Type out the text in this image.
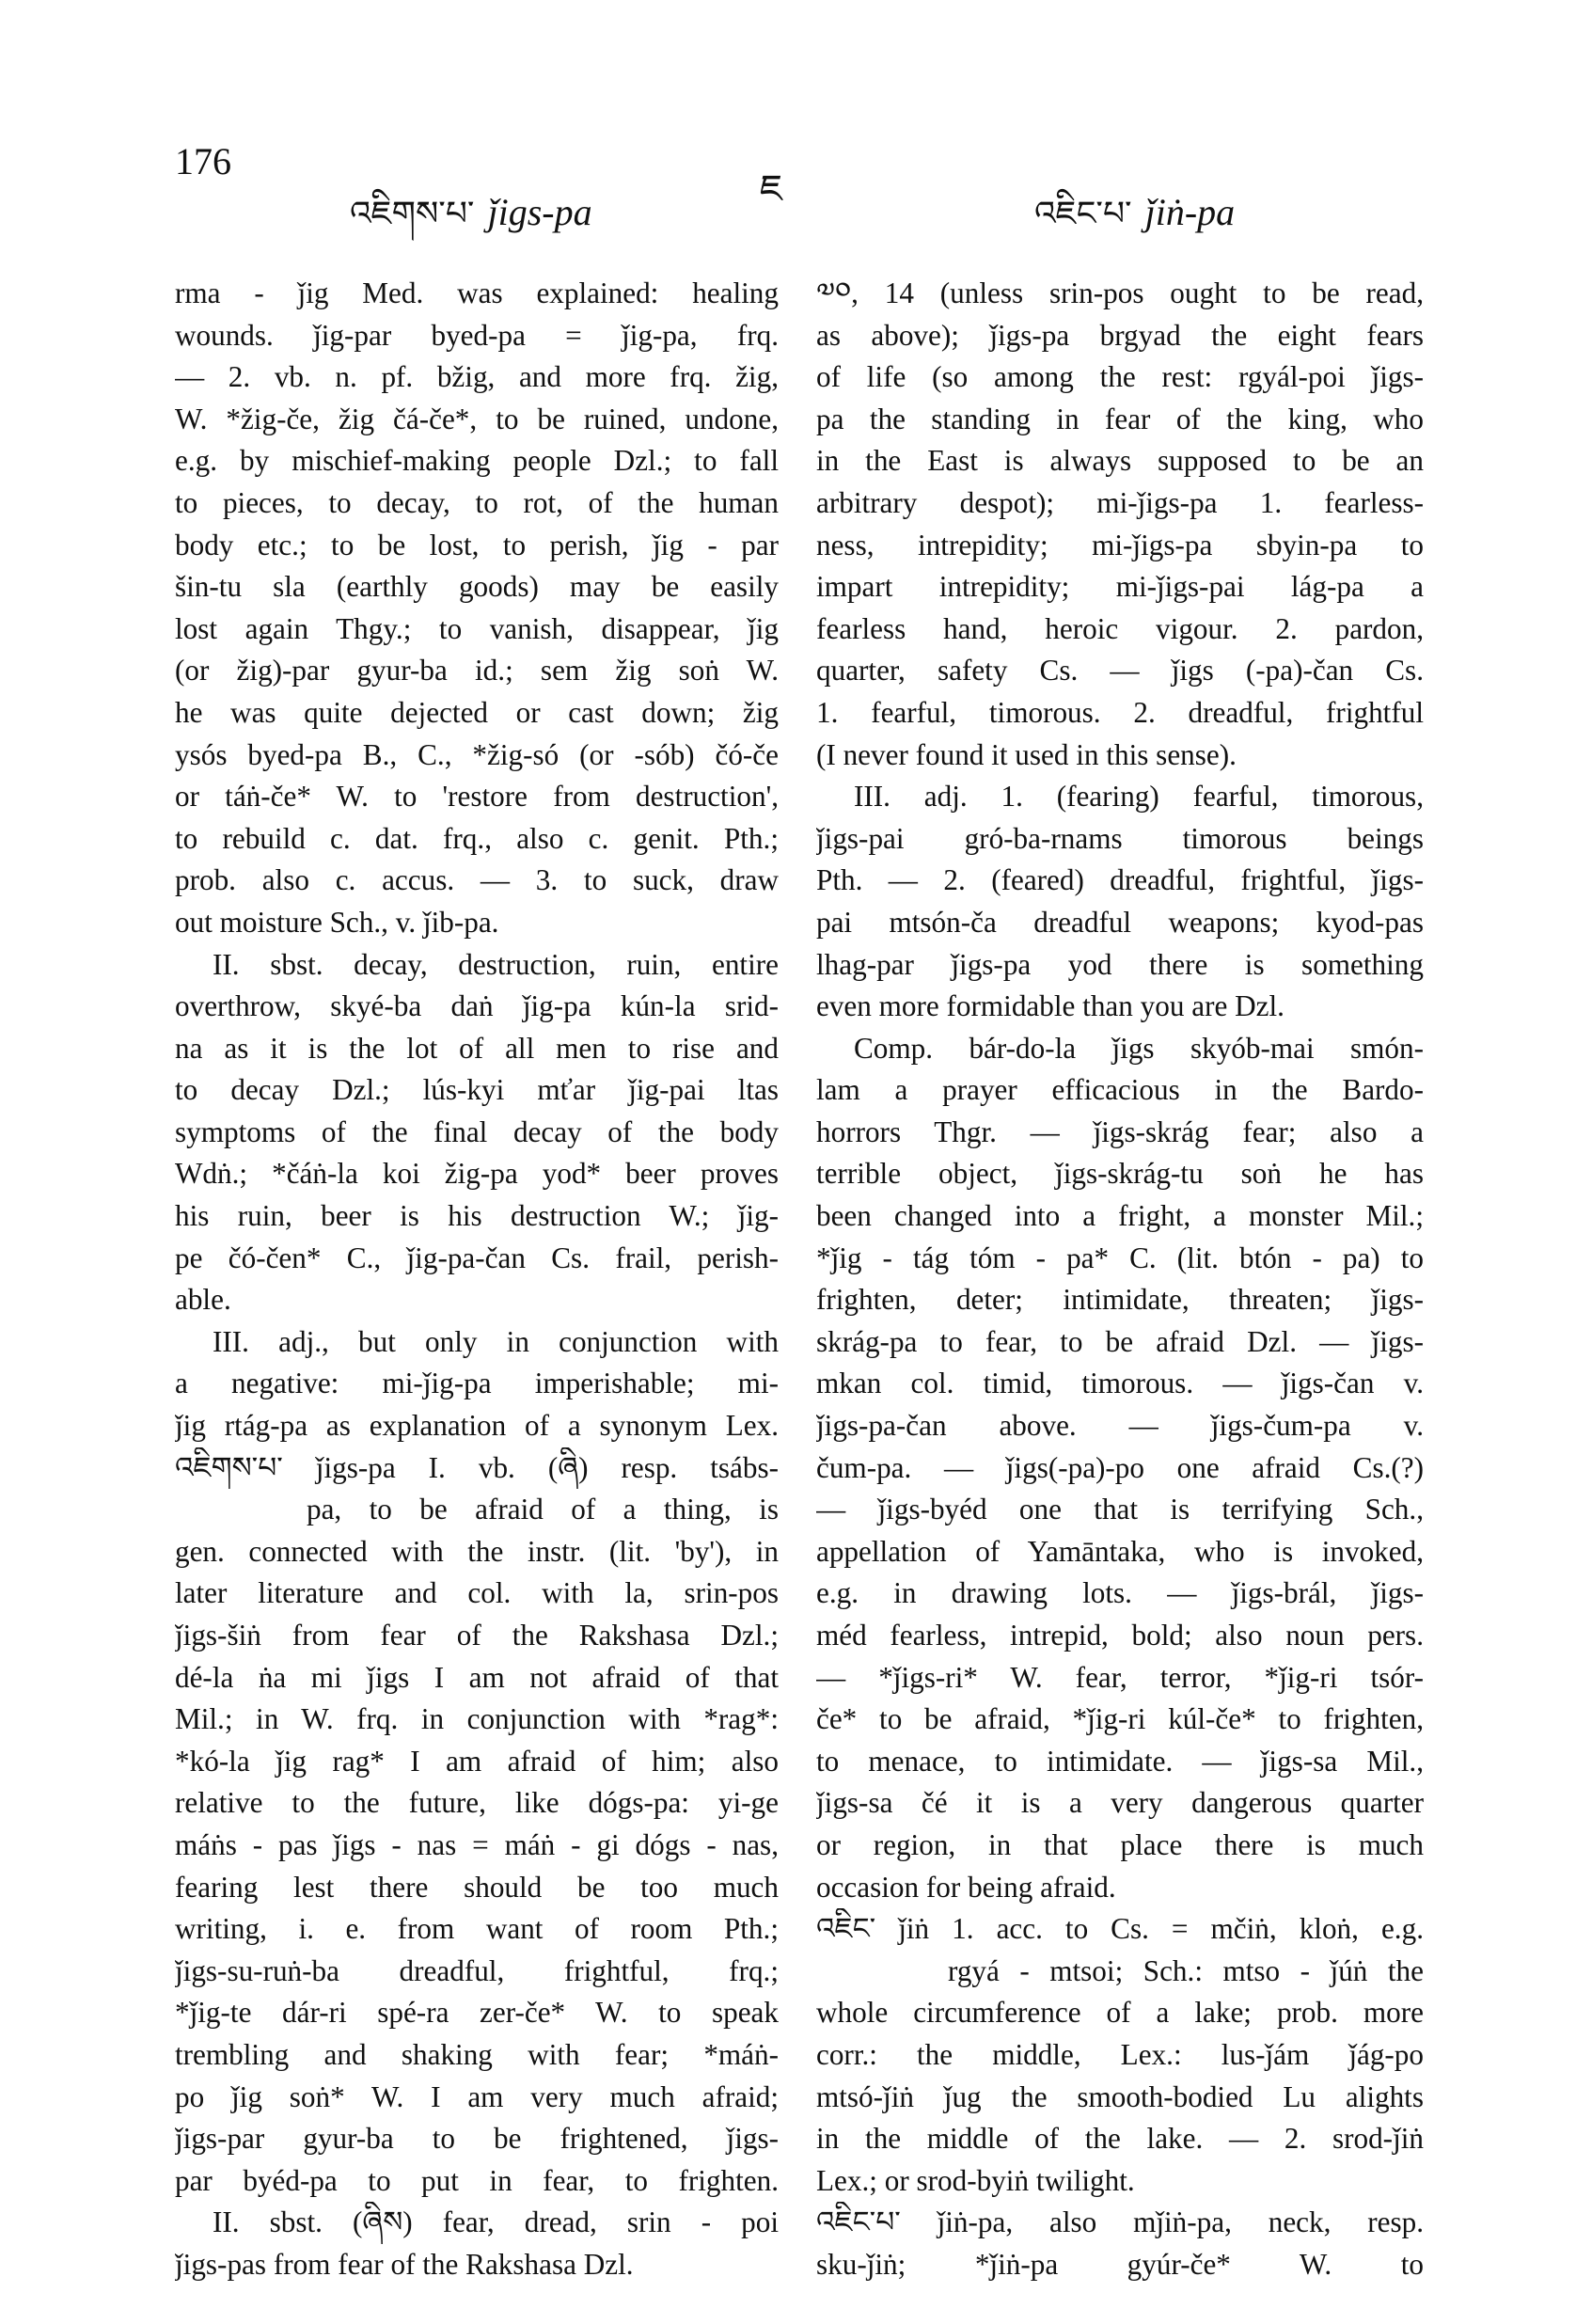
176
འཇིགས་པ་ ǰigs-pa
ཇ
འཇིང་པ་ ǰiṅ-pa
rma - ǰig Med. was explained: healing
wounds. ǰig-par byed-pa = ǰig-pa, frq.
— 2. vb. n. pf. bžig, and more frq. žig,
W. *žig-če, žig čá-če*, to be ruined, undone,
e.g. by mischief-making people Dzl.; to fall
to pieces, to decay, to rot, of the human
body etc.; to be lost, to perish, ǰig - par
šin-tu sla (earthly goods) may be easily
lost again Thgy.; to vanish, disappear, ǰig
(or žig)-par gyur-ba id.; sem žig soṅ W.
he was quite dejected or cast down; žig
ysós byed-pa B., C., *žig-só (or -sób) čó-če
or táṅ-če* W. to 'restore from destruction',
to rebuild c. dat. frq., also c. genit. Pth.;
prob. also c. accus. — 3. to suck, draw
out moisture Sch., v. ǰib-pa.
II. sbst. decay, destruction, ruin, entire
overthrow, skyé-ba daṅ ǰig-pa kún-la srid-
na as it is the lot of all men to rise and
to decay Dzl.; lús-kyi mťar ǰig-pai ltas
symptoms of the final decay of the body
Wdṅ.; *čáṅ-la koi žig-pa yod* beer proves
his ruin, beer is his destruction W.; ǰig-
pe čó-čen* C., ǰig-pa-čan Cs. frail, perish-
able.
III. adj., but only in conjunction with
a negative: mi-ǰig-pa imperishable; mi-
ǰig rtág-pa as explanation of a synonym Lex.
འཇིགས་པ་ ǰigs-pa I. vb. (ཞི) resp. tsábs-
pa, to be afraid of a thing, is
gen. connected with the instr. (lit. 'by'), in
later literature and col. with la, srin-pos
ǰigs-šiṅ from fear of the Rakshasa Dzl.;
dé-la ṅa mi ǰigs I am not afraid of that
Mil.; in W. frq. in conjunction with *rag*:
*kó-la ǰig rag* I am afraid of him; also
relative to the future, like dógs-pa: yi-ge
máṅs - pas ǰigs - nas = máṅ - gi dógs - nas,
fearing lest there should be too much
writing, i. e. from want of room Pth.;
ǰigs-su-ruṅ-ba dreadful, frightful, frq.;
*ǰig-te dár-ri spé-ra zer-če* W. to speak
trembling and shaking with fear; *máṅ-
po ǰig soṅ* W. I am very much afraid;
ǰigs-par gyur-ba to be frightened, ǰigs-
par byéd-pa to put in fear, to frighten.
II. sbst. (ཞིས) fear, dread, srin - poi
ǰigs-pas from fear of the Rakshasa Dzl.
༧༠, 14 (unless srin-pos ought to be read,
as above); ǰigs-pa brgyad the eight fears
of life (so among the rest: rgyál-poi ǰigs-
pa the standing in fear of the king, who
in the East is always supposed to be an
arbitrary despot); mi-ǰigs-pa 1. fearless-
ness, intrepidity; mi-ǰigs-pa sbyin-pa to
impart intrepidity; mi-ǰigs-pai lág-pa a
fearless hand, heroic vigour. 2. pardon,
quarter, safety Cs. — ǰigs (-pa)-čan Cs.
1. fearful, timorous. 2. dreadful, frightful
(I never found it used in this sense).
III. adj. 1. (fearing) fearful, timorous,
ǰigs-pai gró-ba-rnams timorous beings
Pth. — 2. (feared) dreadful, frightful, ǰigs-
pai mtsón-ča dreadful weapons; kyod-pas
lhag-par ǰigs-pa yod there is something
even more formidable than you are Dzl.
Comp. bár-do-la ǰigs skyób-mai smón-
lam a prayer efficacious in the Bardo-
horrors Thgr. — ǰigs-skrág fear; also a
terrible object, ǰigs-skrág-tu soṅ he has
been changed into a fright, a monster Mil.;
*ǰig - tág tóm - pa* C. (lit. btón - pa) to
frighten, deter; intimidate, threaten; ǰigs-
skrág-pa to fear, to be afraid Dzl. — ǰigs-
mkan col. timid, timorous. — ǰigs-čan v.
ǰigs-pa-čan above. — ǰigs-čum-pa v.
čum-pa. — ǰigs(-pa)-po one afraid Cs.(?)
— ǰigs-byéd one that is terrifying Sch.,
appellation of Yamāntaka, who is invoked,
e.g. in drawing lots. — ǰigs-brál, ǰigs-
méd fearless, intrepid, bold; also noun pers.
— *ǰigs-ri* W. fear, terror, *ǰig-ri tsór-
če* to be afraid, *ǰig-ri kúl-če* to frighten,
to menace, to intimidate. — ǰigs-sa Mil.,
ǰigs-sa čé it is a very dangerous quarter
or region, in that place there is much
occasion for being afraid.
འཇིང་ ǰiṅ 1. acc. to Cs. = mčiṅ, kloṅ, e.g.
rgyá - mtsoi; Sch.: mtso - ǰúṅ the
whole circumference of a lake; prob. more
corr.: the middle, Lex.: lus-ǰám ǰág-po
mtsó-ǰiṅ ǰug the smooth-bodied Lu alights
in the middle of the lake. — 2. srod-ǰiṅ
Lex.; or srod-byiṅ twilight.
འཇིང་པ་ ǰiṅ-pa, also mǰiṅ-pa, neck, resp.
sku-ǰiṅ; *ǰiṅ-pa gyúr-če* W. to
